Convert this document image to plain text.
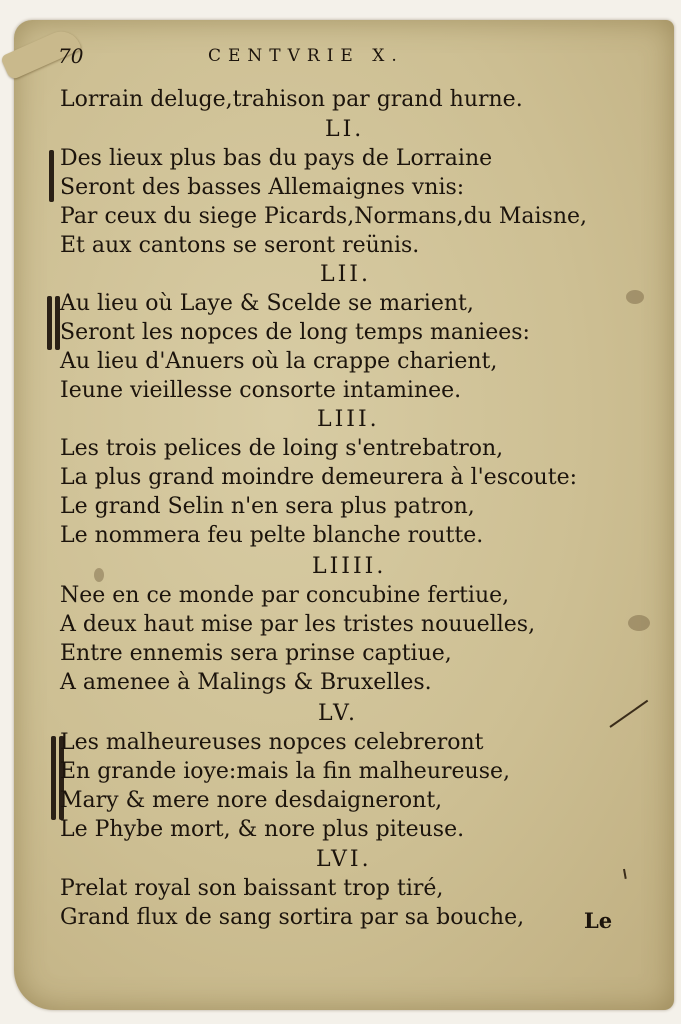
70	CENTVRIE X.
Lorrain deluge,trahison par grand hurne.
LI.
Des lieux plus bas du pays de Lorraine
Seront des basses Allemaignes vnis:
Par ceux du siege Picards,Normans,du Maisne,
Et aux cantons se seront reünis.
LII.
Au lieu où Laye & Scelde se marient,
Seront les nopces de long temps maniees:
Au lieu d'Anuers où la crappe charient,
Ieune vieillesse consorte intaminee.
LIII.
Les trois pelices de loing s'entrebatron,
La plus grand moindre demeurera à l'escoute:
Le grand Selin n'en sera plus patron,
Le nommera feu pelte blanche routte.
LIIII.
Nee en ce monde par concubine fertiue,
A deux haut mise par les tristes nouuelles,
Entre ennemis sera prinse captiue,
A amenee à Malings & Bruxelles.
LV.
Les malheureuses nopces celebreront
En grande ioye:mais la fin malheureuse,
Mary & mere nore desdaigneront,
Le Phybe mort, & nore plus piteuse.
LVI.
Prelat royal son baissant trop tiré,
Grand flux de sang sortira par sa bouche,	Le
